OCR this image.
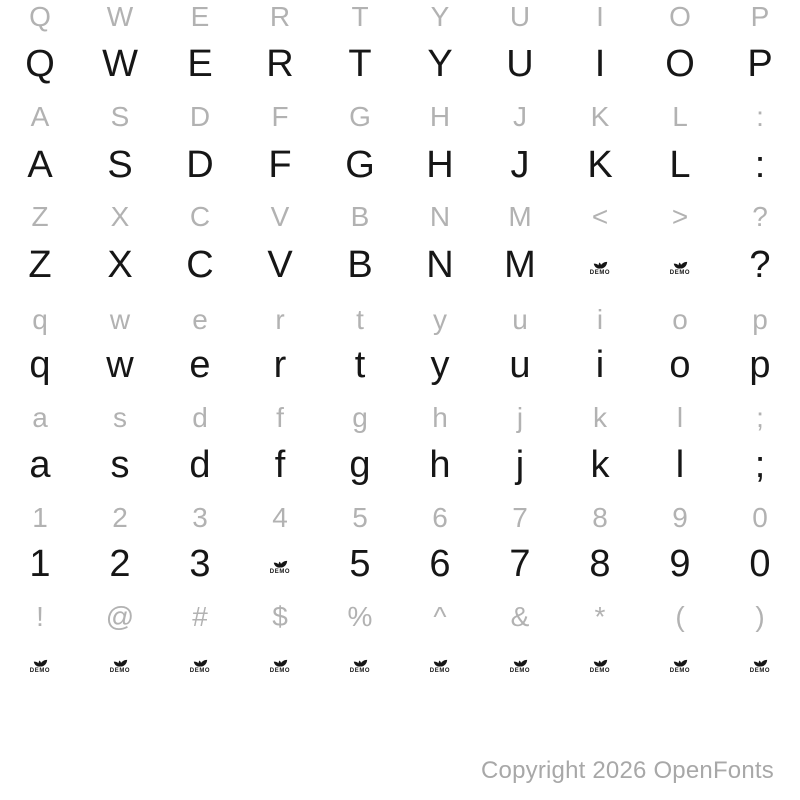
Q W E R T Y U I O P
Q W E R T Y U I O P
A S D F G H J K L :
A S D F G H J K L :
Z X C V B N M < > ?
Z X C V B N M	DEMO	DEMO ?
q w e r	t y u i o p
q w e r t y u i o p
a s d f g h j k l	;
a s d f g h j k l ;
1 2 3 4 5 6 7 8 9 0
1 2 3	DEMO 5 6 7 8 9 0
! @ # $ % ^ & * (	)
DEMO	DEMO	DEMO	DEMO	DEMO	DEMO	DEMO	DEMO	DEMO	DEMO
Copyright 2026 OpenFonts
